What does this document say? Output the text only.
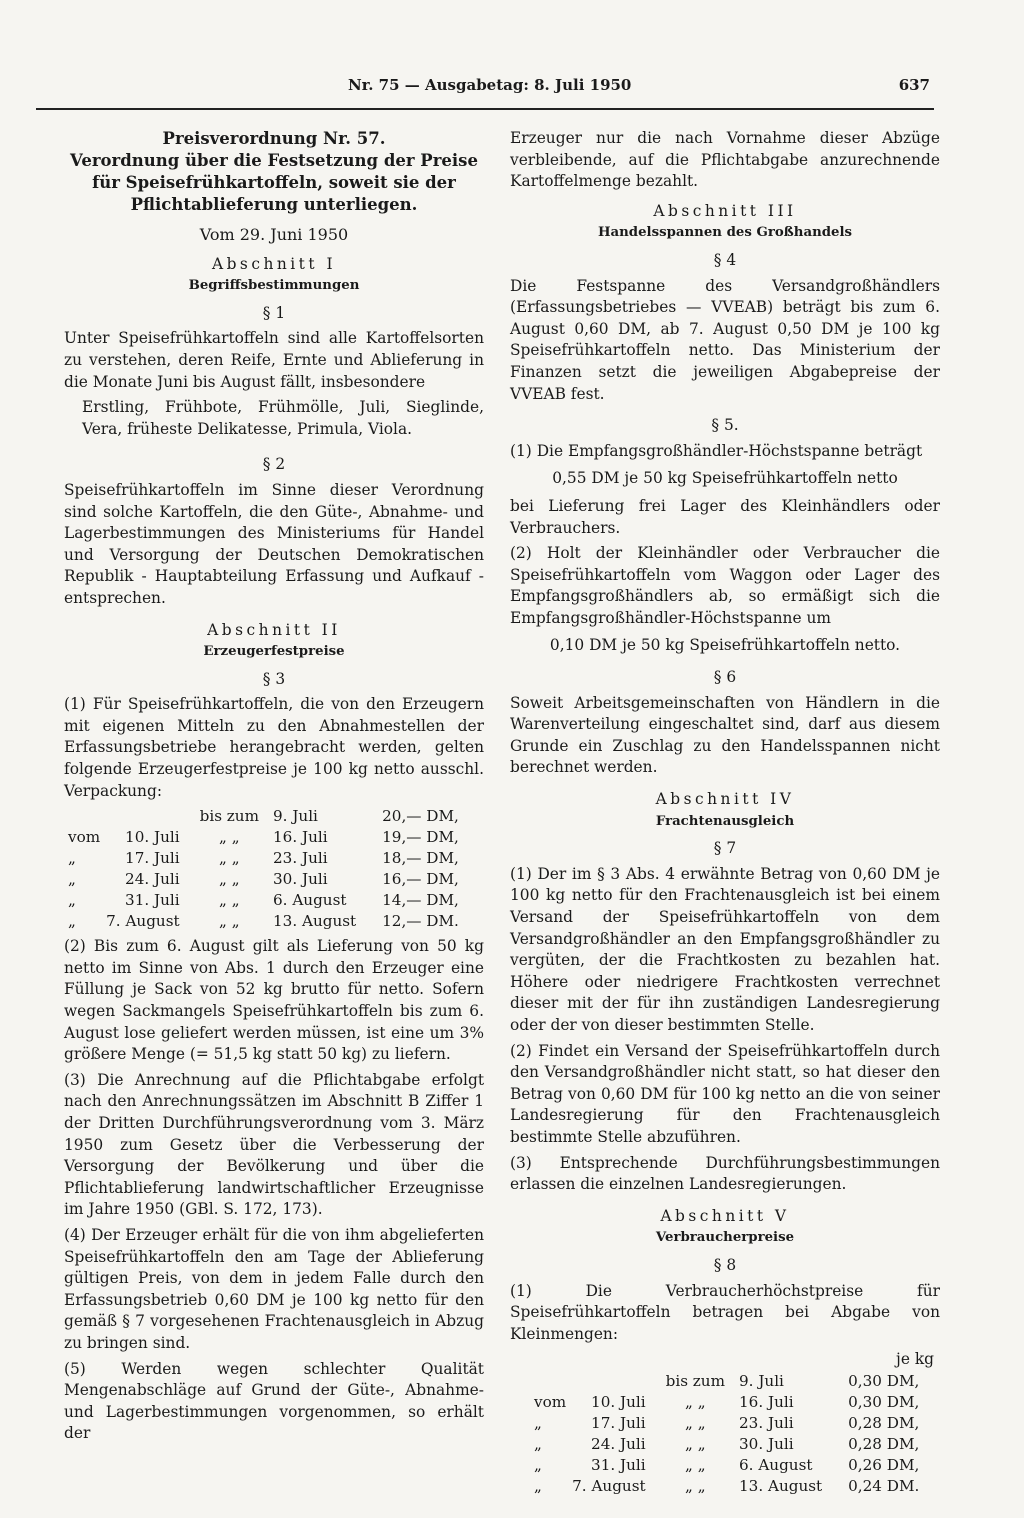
Nr. 75 — Ausgabetag: 8. Juli 1950	637
Preisverordnung Nr. 57.
Verordnung über die Festsetzung der Preise
für Speisefrühkartoffeln, soweit sie der
Pflichtablieferung unterliegen.
Vom 29. Juni 1950
Abschnitt I
Begriffsbestimmungen
§ 1

Unter Speisefrühkartoffeln sind alle Kartoffelsorten zu verstehen, deren Reife, Ernte und Ablieferung in die Monate Juni bis August fällt, insbesondere

Erstling, Frühbote, Frühmölle, Juli, Sieglinde, Vera, früheste Delikatesse, Primula, Viola.

§ 2

Speisefrühkartoffeln im Sinne dieser Verordnung sind solche Kartoffeln, die den Güte-, Abnahme- und Lagerbestimmungen des Ministeriums für Handel und Versorgung der Deutschen Demokratischen Republik - Hauptabteilung Erfassung und Aufkauf - entsprechen.

Abschnitt II
Erzeugerfestpreise
§ 3

(1) Für Speisefrühkartoffeln, die von den Erzeugern mit eigenen Mitteln zu den Abnahmestellen der Erfassungsbetriebe herangebracht werden, gelten folgende Erzeugerfestpreise je 100 kg netto ausschl. Verpackung:

		bis zum	9. Juli	20,— DM,
vom	10. Juli	„ „	16. Juli	19,— DM,
„	17. Juli	„ „	23. Juli	18,— DM,
„	24. Juli	„ „	30. Juli	16,— DM,
„	31. Juli	„ „	6. August	14,— DM,
„	7. August	„ „	13. August	12,— DM.

(2) Bis zum 6. August gilt als Lieferung von 50 kg netto im Sinne von Abs. 1 durch den Erzeuger eine Füllung je Sack von 52 kg brutto für netto. Sofern wegen Sackmangels Speisefrühkartoffeln bis zum 6. August lose geliefert werden müssen, ist eine um 3% größere Menge (= 51,5 kg statt 50 kg) zu liefern.

(3) Die Anrechnung auf die Pflichtabgabe erfolgt nach den Anrechnungssätzen im Abschnitt B Ziffer 1 der Dritten Durchführungsverordnung vom 3. März 1950 zum Gesetz über die Verbesserung der Versorgung der Bevölkerung und über die Pflichtablieferung landwirtschaftlicher Erzeugnisse im Jahre 1950 (GBl. S. 172, 173).

(4) Der Erzeuger erhält für die von ihm abgelieferten Speisefrühkartoffeln den am Tage der Ablieferung gültigen Preis, von dem in jedem Falle durch den Erfassungsbetrieb 0,60 DM je 100 kg netto für den gemäß § 7 vorgesehenen Frachtenausgleich in Abzug zu bringen sind.

(5) Werden wegen schlechter Qualität Mengenabschläge auf Grund der Güte-, Abnahme- und Lagerbestimmungen vorgenommen, so erhält der

Erzeuger nur die nach Vornahme dieser Abzüge verbleibende, auf die Pflichtabgabe anzurechnende Kartoffelmenge bezahlt.

Abschnitt III
Handelsspannen des Großhandels
§ 4

Die Festspanne des Versandgroßhändlers (Erfassungsbetriebes — VVEAB) beträgt bis zum 6. August 0,60 DM, ab 7. August 0,50 DM je 100 kg Speisefrühkartoffeln netto. Das Ministerium der Finanzen setzt die jeweiligen Abgabepreise der VVEAB fest.

§ 5.

(1) Die Empfangsgroßhändler-Höchstspanne beträgt

0,55 DM je 50 kg Speisefrühkartoffeln netto

bei Lieferung frei Lager des Kleinhändlers oder Verbrauchers.

(2) Holt der Kleinhändler oder Verbraucher die Speisefrühkartoffeln vom Waggon oder Lager des Empfangsgroßhändlers ab, so ermäßigt sich die Empfangsgroßhändler-Höchstspanne um

0,10 DM je 50 kg Speisefrühkartoffeln netto.
§ 6

Soweit Arbeitsgemeinschaften von Händlern in die Warenverteilung eingeschaltet sind, darf aus diesem Grunde ein Zuschlag zu den Handelsspannen nicht berechnet werden.

Abschnitt IV
Frachtenausgleich
§ 7

(1) Der im § 3 Abs. 4 erwähnte Betrag von 0,60 DM je 100 kg netto für den Frachtenausgleich ist bei einem Versand der Speisefrühkartoffeln von dem Versandgroßhändler an den Empfangsgroßhändler zu vergüten, der die Frachtkosten zu bezahlen hat. Höhere oder niedrigere Frachtkosten verrechnet dieser mit der für ihn zuständigen Landesregierung oder der von dieser bestimmten Stelle.

(2) Findet ein Versand der Speisefrühkartoffeln durch den Versandgroßhändler nicht statt, so hat dieser den Betrag von 0,60 DM für 100 kg netto an die von seiner Landesregierung für den Frachtenausgleich bestimmte Stelle abzuführen.

(3) Entsprechende Durchführungsbestimmungen erlassen die einzelnen Landesregierungen.

Abschnitt V
Verbraucherpreise
§ 8

(1) Die Verbraucherhöchstpreise für Speisefrühkartoffeln betragen bei Abgabe von Kleinmengen:

je kg
		bis zum	9. Juli	0,30 DM,
vom	10. Juli	„ „	16. Juli	0,30 DM,
„	17. Juli	„ „	23. Juli	0,28 DM,
„	24. Juli	„ „	30. Juli	0,28 DM,
„	31. Juli	„ „	6. August	0,26 DM,
„	7. August	„ „	13. August	0,24 DM.
